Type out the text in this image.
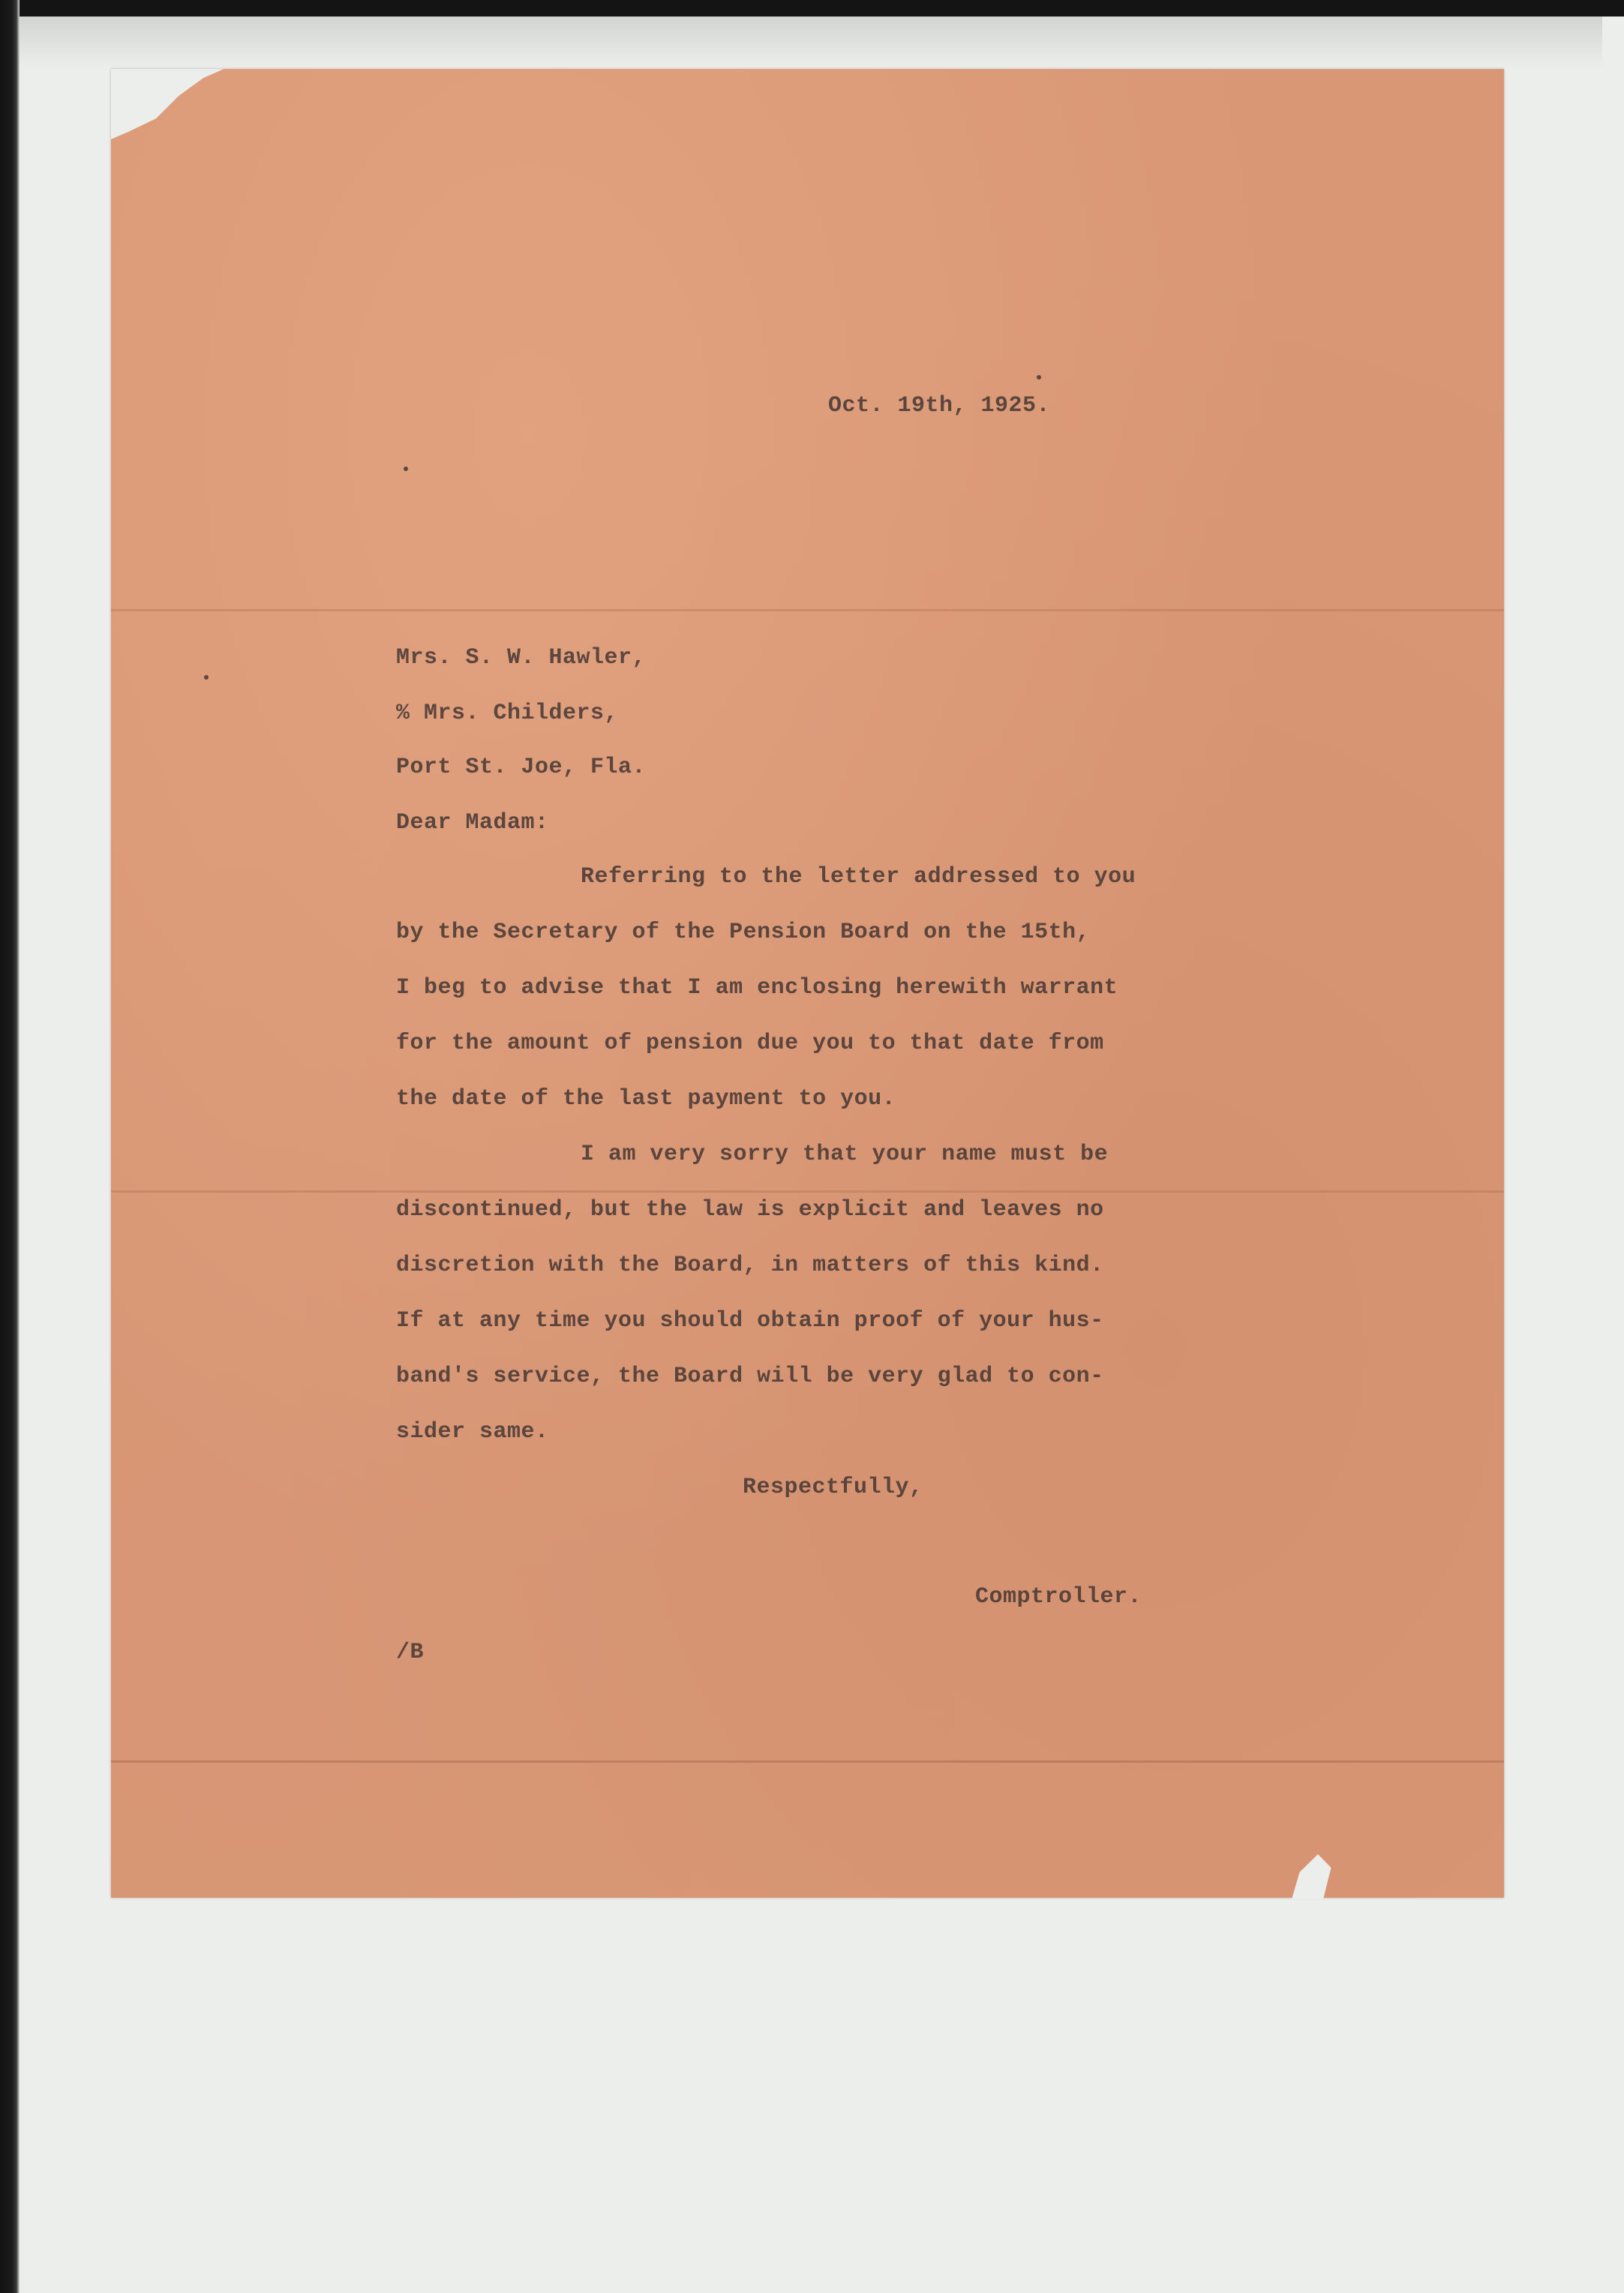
Oct. 19th, 1925.

Mrs. S. W. Hawler,

% Mrs. Childers,

Port St. Joe, Fla.

Dear Madam:

Referring to the letter addressed to you

by the Secretary of the Pension Board on the 15th,

I beg to advise that I am enclosing herewith warrant

for the amount of pension due you to that date from

the date of the last payment to you.

I am very sorry that your name must be

discontinued, but the law is explicit and leaves no

discretion with the Board, in matters of this kind.

If at any time you should obtain proof of your hus-

band's service, the Board will be very glad to con-

sider same.

Respectfully,

Comptroller.

/B
